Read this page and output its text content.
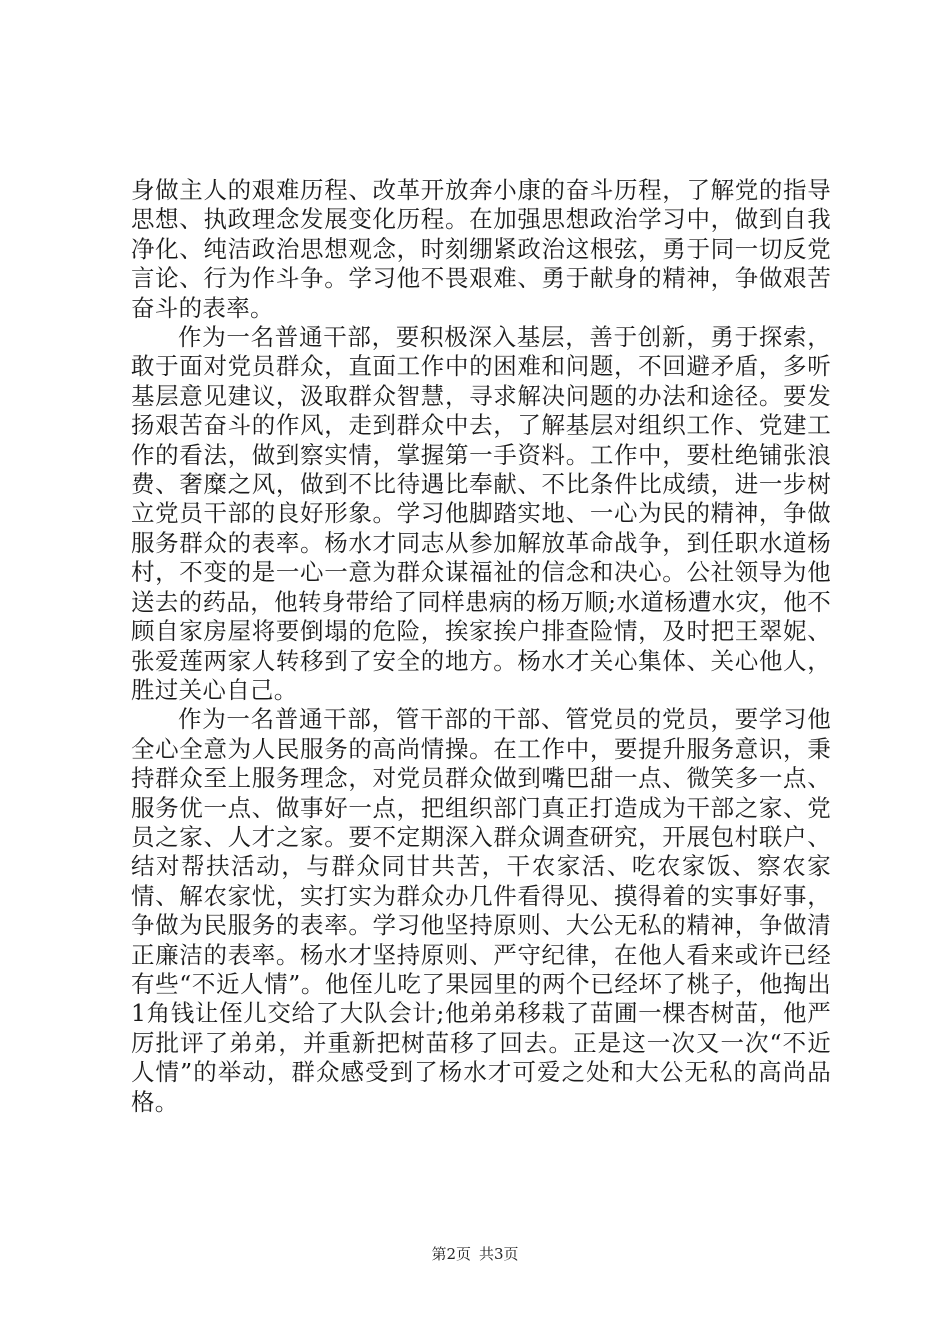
身做主人的艰难历程、改革开放奔小康的奋斗历程，了解党的指导思想、执政理念发展变化历程。在加强思想政治学习中，做到自我净化、纯洁政治思想观念，时刻绷紧政治这根弦，勇于同一切反党言论、行为作斗争。学习他不畏艰难、勇于献身的精神，争做艰苦奋斗的表率。

作为一名普通干部，要积极深入基层，善于创新，勇于探索，敢于面对党员群众，直面工作中的困难和问题，不回避矛盾，多听基层意见建议，汲取群众智慧，寻求解决问题的办法和途径。要发扬艰苦奋斗的作风，走到群众中去，了解基层对组织工作、党建工作的看法，做到察实情，掌握第一手资料。工作中，要杜绝铺张浪费、奢糜之风，做到不比待遇比奉献、不比条件比成绩，进一步树立党员干部的良好形象。学习他脚踏实地、一心为民的精神，争做服务群众的表率。杨水才同志从参加解放革命战争，到任职水道杨村，不变的是一心一意为群众谋福祉的信念和决心。公社领导为他送去的药品，他转身带给了同样患病的杨万顺;水道杨遭水灾，他不顾自家房屋将要倒塌的危险，挨家挨户排查险情，及时把王翠妮、张爱莲两家人转移到了安全的地方。杨水才关心集体、关心他人，胜过关心自己。

作为一名普通干部，管干部的干部、管党员的党员，要学习他全心全意为人民服务的高尚情操。在工作中，要提升服务意识，秉持群众至上服务理念，对党员群众做到嘴巴甜一点、微笑多一点、服务优一点、做事好一点，把组织部门真正打造成为干部之家、党员之家、人才之家。要不定期深入群众调查研究，开展包村联户、结对帮扶活动，与群众同甘共苦，干农家活、吃农家饭、察农家情、解农家忧，实打实为群众办几件看得见、摸得着的实事好事，争做为民服务的表率。学习他坚持原则、大公无私的精神，争做清正廉洁的表率。杨水才坚持原则、严守纪律，在他人看来或许已经有些“不近人情”。他侄儿吃了果园里的两个已经坏了桃子，他掏出1角钱让侄儿交给了大队会计;他弟弟移栽了苗圃一棵杏树苗，他严厉批评了弟弟，并重新把树苗移了回去。正是这一次又一次“不近人情”的举动，群众感受到了杨水才可爱之处和大公无私的高尚品格。

第2页 共3页
